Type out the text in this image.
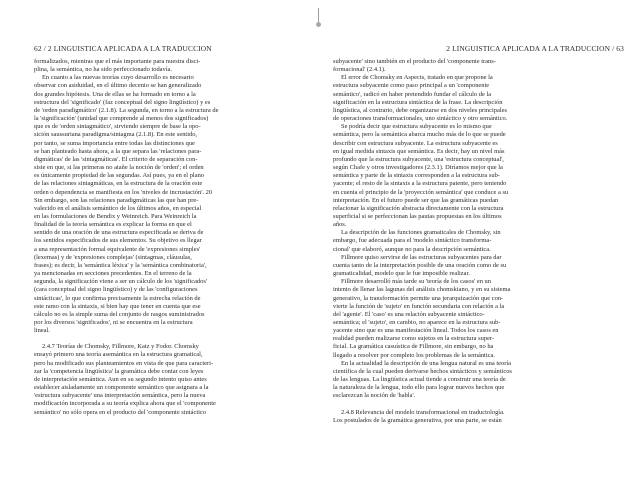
62 / 2 LINGUISTICA APLICADA A LA TRADUCCION
formalizados, mientras que el más importante para nuestra disci-
plina, la semántica, no ha sido perfeccionado todavía.
En cuanto a las nuevas teorías cuyo desarrollo es necesario
observar con asiduidad, en el último decenio se han generalizado
dos grandes hipótesis. Una de ellas se ha formado en torno a la
estructura del 'significado' (faz conceptual del signo lingüístico) y es
de 'orden paradigmático' (2.1.8). La segunda, en torno a la estructura de
la 'significación' (unidad que comprende al menos dos significados)
que es de 'orden sintagmático', sirviendo siempre de base la opo-
sición saussuriana paradigma/sintagma (2.1.8). En este sentido,
por tanto, se suma importancia entre todas las distinciones que
se han planteado hasta ahora, a la que separa las 'relaciones para-
digmáticas' de las 'sintagmáticas'. El criterio de separación con-
siste en que, si las primeras no atañe la noción de 'orden'; el orden
es únicamente propiedad de las segundas. Así pues, ya en el plano
de las relaciones sintagmáticas, en la estructura de la oración este
orden o dependencia se manifiesta en los 'niveles de incrustación'. 20
Sin embargo, son las relaciones paradigmáticas las que han pre-
valecido en el análisis semántico de los últimos años, en especial
en las formulaciones de Bendix y Weinreich. Para Weinreich la
finalidad de la teoría semántica es explicar la forma en que el
sentido de una oración de una estructura especificada se deriva de
los sentidos especificados de sus elementos. Su objetivo es llegar
a una representación formal equivalente de 'expresiones simples'
(lexemas) y de 'expresiones complejas' (sintagmas, cláusulas,
frases); es decir, la 'semántica léxica' y la 'semántica combinatoria',
ya mencionadas en secciones precedentes. En el terreno de la
segunda, la significación viene a ser un cálculo de los 'significados'
(cara conceptual del signo lingüístico) y de las 'configuraciones
sintácticas', lo que confirma precisamente la estrecha relación de
este ramo con la sintaxis, si bien hay que tener en cuenta que ese
cálculo no es la simple suma del conjunto de rasgos suministrados
por los diversos 'significados', ni se encuentra en la estructura
lineal.
2.4.7 Teorías de Chomsky, Fillmore, Katz y Fodor. Chomsky
ensayó primero una teoría asemántica en la estructura gramatical,
pero ha modificado sus planteamientos en vista de que para caracteri-
zar la 'competencia lingüística' la gramática debe contar con leyes
de interpretación semántica. Aun en su segundo intento quiso antes
establecer aisladamente un componente semántico que asignara a la
'estructura subyacente' una interpretación semántica, pero la nueva
modificación incorporada a su teoría explica ahora que el 'componente
semántico' no sólo opera en el producto del 'componente sintáctico
2 LINGUISTICA APLICADA A LA TRADUCCION / 63
subyacente' sino también en el producto del 'componente trans-
formacional' (2.4.1).
El error de Chomsky en Aspects, tratado en que propone la
estructura subyacente como paso principal a un 'componente
semántico', radicó en haber pretendido fundar el cálculo de la
significación en la estructura sintáctica de la frase. La descripción
lingüística, al contrario, debe organizarse en dos niveles principales
de operaciones transformacionales, uno sintáctico y otro semántico.
Se podría decir que estructura subyacente es lo mismo que
semántica, pero la semántica abarca mucho más de lo que se puede
describir con estructura subyacente. La estructura subyacente es
en igual medida sintaxis que semántica. Es decir, hay un nivel más
profundo que la estructura subyacente, una 'estructura conceptual',
según Chafe y otros investigadores (2.3.1). Diríamos mejor que la
semántica y parte de la sintaxis corresponden a la estructura sub-
yacente; el resto de la sintaxis a la estructura patente, pero teniendo
en cuenta el principio de la 'proyección semántica' que conduce a su
interpretación. En el futuro puede ser que las gramáticas puedan
relacionar la significación abstracta directamente con la estructura
superficial si se perfeccionan las pautas propuestas en los últimos
años.
La descripción de las funciones gramaticales de Chomsky, sin
embargo, fue adecuada para el 'modelo sintáctico transforma-
cional' que elaboró, aunque no para la descripción semántica.
Fillmore quiso servirse de las estructuras subyacentes para dar
cuenta tanto de la interpretación posible de una oración como de su
gramaticalidad, modelo que le fue imposible realizar.
Fillmore desarrolló más tarde su 'teoría de los casos' en un
intento de llenar las lagunas del análisis chomskiano, y en su sistema
generativo, la transformación permite una jerarquización que con-
vierte la función de 'sujeto' en función secundaria con relación a la
del 'agente'. El 'caso' es una relación subyacente sintáctico-
semántica; el 'sujeto', en cambio, no aparece en la estructura sub-
yacente sino que es una manifestación lineal. Todos los casos en
realidad pueden realizarse como sujetos en la estructura super-
ficial. La gramática casuística de Fillmore, sin embargo, no ha
llegado a resolver por completo los problemas de la semántica.
En la actualidad la descripción de una lengua natural es una teoría
científica de la cual pueden derivarse hechos sintácticos y semánticos
de las lenguas. La lingüística actual tiende a construir una teoría de
la naturaleza de la lengua, todo ello para lograr nuevos hechos que
esclarezcan la noción de 'habla'.
2.4.8 Relevancia del modelo transformacional en traductología.
Los postulados de la gramática generativa, por una parte, se están
